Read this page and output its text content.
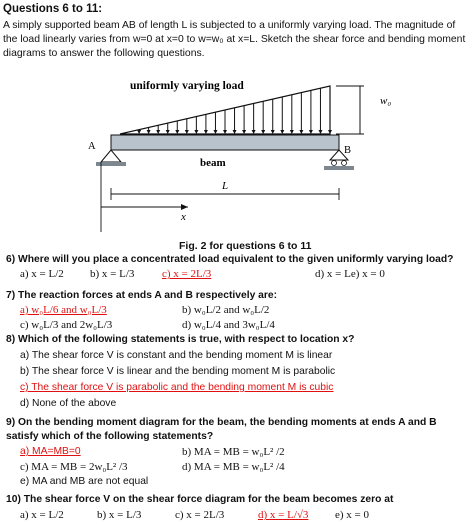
Questions 6 to 11:
A simply supported beam AB of length L is subjected to a uniformly varying load. The magnitude of the load linearly varies from w=0 at x=0 to w=w₀ at x=L. Sketch the shear force and bending moment diagrams to answer the following questions.
uniformly varying load
w₀
A	B
beam
L
x
Fig. 2 for questions 6 to 11
6) Where will you place a concentrated load equivalent to the given uniformly varying load?
a) x = L/2 b) x = L/3	c) x = 2L/3	d) x = Le) x = 0
7) The reaction forces at ends A and B respectively are:
a) w₀L/6 and w₀L/3	b) w₀L/2 and w₀L/2
c) w₀L/3 and 2w₀L/3	d) w₀L/4 and 3w₀L/4
8) Which of the following statements is true, with respect to location x?
a) The shear force V is constant and the bending moment M is linear
b) The shear force V is linear and the bending moment M is parabolic
c) The shear force V is parabolic and the bending moment M is cubic
d) None of the above
9) On the bending moment diagram for the beam, the bending moments at ends A and B satisfy which of the following statements?
a) MA=MB=0	b) MA = MB = w₀L² /2
c) MA = MB = 2w₀L² /3	d) MA = MB = w₀L² /4
e) MA and MB are not equal
10) The shear force V on the shear force diagram for the beam becomes zero at
a) x = L/2	b) x = L/3	c) x = 2L/3	d) x = L/√3 e) x = 0
